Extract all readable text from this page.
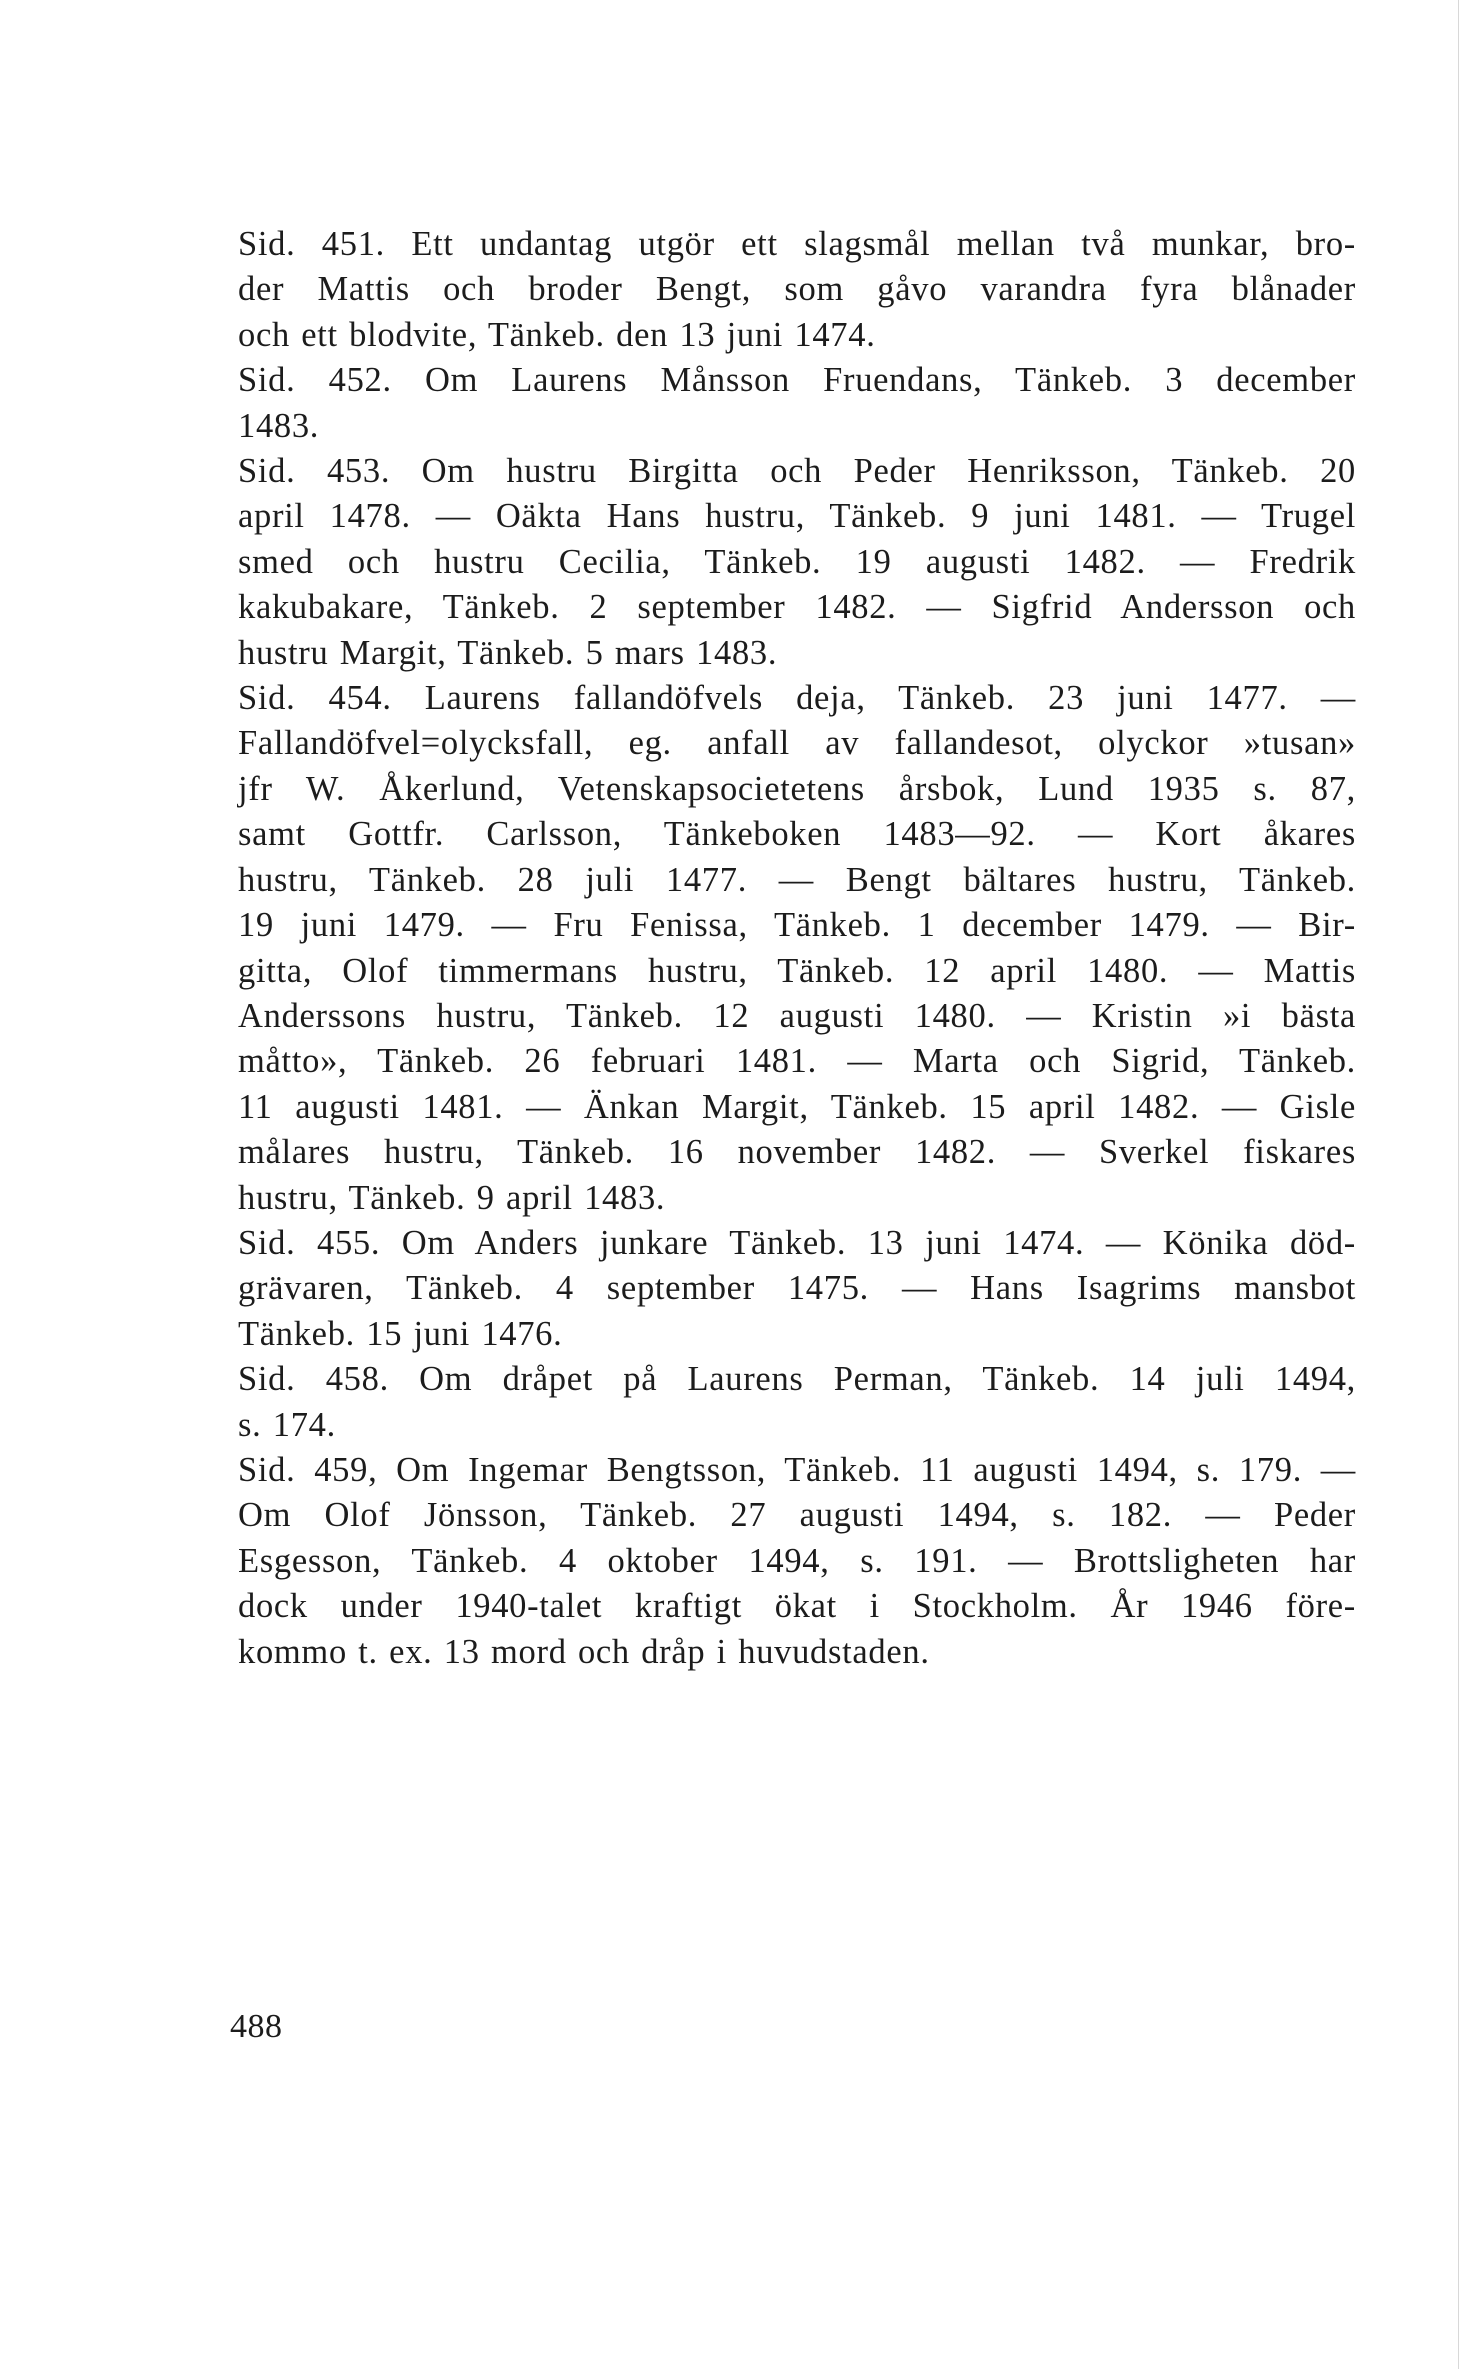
Sid. 451. Ett undantag utgör ett slagsmål mellan två munkar, bro-
der Mattis och broder Bengt, som gåvo varandra fyra blånader
och ett blodvite, Tänkeb. den 13 juni 1474.
Sid. 452. Om Laurens Månsson Fruendans, Tänkeb. 3 december
1483.
Sid. 453. Om hustru Birgitta och Peder Henriksson, Tänkeb. 20
april 1478. — Oäkta Hans hustru, Tänkeb. 9 juni 1481. — Trugel
smed och hustru Cecilia, Tänkeb. 19 augusti 1482. — Fredrik
kakubakare, Tänkeb. 2 september 1482. — Sigfrid Andersson och
hustru Margit, Tänkeb. 5 mars 1483.
Sid. 454. Laurens fallandöfvels deja, Tänkeb. 23 juni 1477. —
Fallandöfvel=olycksfall, eg. anfall av fallandesot, olyckor »tusan»
jfr W. Åkerlund, Vetenskapsocietetens årsbok, Lund 1935 s. 87,
samt Gottfr. Carlsson, Tänkeboken 1483—92. — Kort åkares
hustru, Tänkeb. 28 juli 1477. — Bengt bältares hustru, Tänkeb.
19 juni 1479. — Fru Fenissa, Tänkeb. 1 december 1479. — Bir-
gitta, Olof timmermans hustru, Tänkeb. 12 april 1480. — Mattis
Anderssons hustru, Tänkeb. 12 augusti 1480. — Kristin »i bästa
måtto», Tänkeb. 26 februari 1481. — Marta och Sigrid, Tänkeb.
11 augusti 1481. — Änkan Margit, Tänkeb. 15 april 1482. — Gisle
målares hustru, Tänkeb. 16 november 1482. — Sverkel fiskares
hustru, Tänkeb. 9 april 1483.
Sid. 455. Om Anders junkare Tänkeb. 13 juni 1474. — Könika död-
grävaren, Tänkeb. 4 september 1475. — Hans Isagrims mansbot
Tänkeb. 15 juni 1476.
Sid. 458. Om dråpet på Laurens Perman, Tänkeb. 14 juli 1494,
s. 174.
Sid. 459, Om Ingemar Bengtsson, Tänkeb. 11 augusti 1494, s. 179. —
Om Olof Jönsson, Tänkeb. 27 augusti 1494, s. 182. — Peder
Esgesson, Tänkeb. 4 oktober 1494, s. 191. — Brottsligheten har
dock under 1940-talet kraftigt ökat i Stockholm. År 1946 före-
kommo t. ex. 13 mord och dråp i huvudstaden.
488
